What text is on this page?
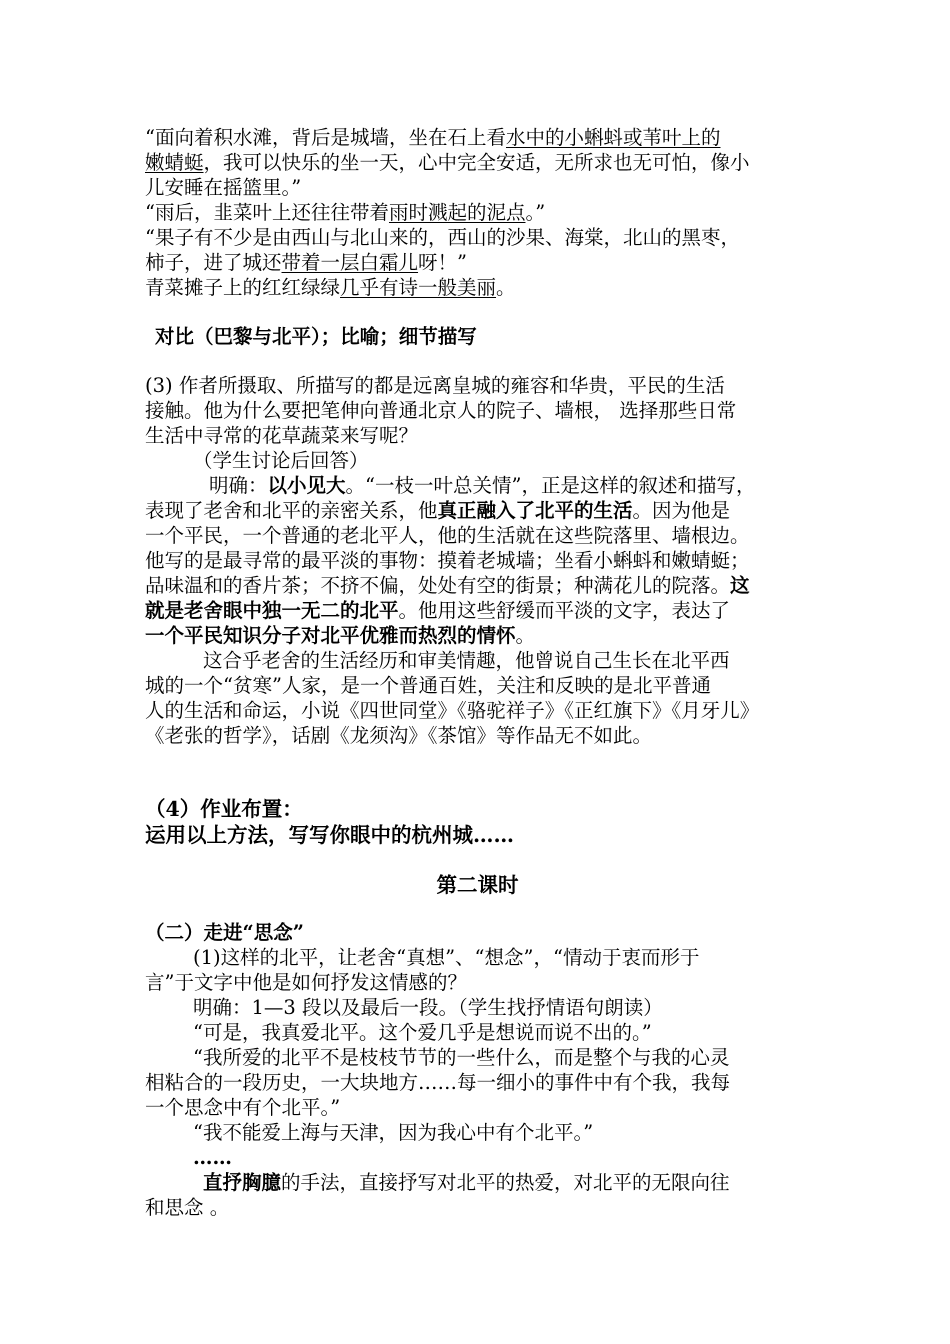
“面向着积水滩，背后是城墙，坐在石上看水中的小蝌蚪或苇叶上的
嫩蜻蜓，我可以快乐的坐一天，心中完全安适，无所求也无可怕，像小
儿安睡在摇篮里。”
“雨后，韭菜叶上还往往带着雨时溅起的泥点。”
“果子有不少是由西山与北山来的，西山的沙果、海棠，北山的黑枣，
柿子，进了城还带着一层白霜儿呀！”
青菜摊子上的红红绿绿几乎有诗一般美丽。
对比（巴黎与北平）；比喻；细节描写
(3) 作者所摄取、所描写的都是远离皇城的雍容和华贵，平民的生活
接触。他为什么要把笔伸向普通北京人的院子、墙根， 选择那些日常
生活中寻常的花草蔬菜来写呢？
（学生讨论后回答）
明确：以小见大。“一枝一叶总关情”，正是这样的叙述和描写，
表现了老舍和北平的亲密关系，他真正融入了北平的生活。因为他是
一个平民，一个普通的老北平人，他的生活就在这些院落里、墙根边。
他写的是最寻常的最平淡的事物：摸着老城墙；坐看小蝌蚪和嫩蜻蜓；
品味温和的香片茶；不挤不偏，处处有空的街景；种满花儿的院落。这
就是老舍眼中独一无二的北平。他用这些舒缓而平淡的文字，表达了
一个平民知识分子对北平优雅而热烈的情怀。
这合乎老舍的生活经历和审美情趣，他曾说自己生长在北平西
城的一个“贫寒”人家，是一个普通百姓，关注和反映的是北平普通
人的生活和命运，小说《四世同堂》《骆驼祥子》《正红旗下》《月牙儿》
《老张的哲学》，话剧《龙须沟》《茶馆》等作品无不如此。
（4）作业布置：
运用以上方法，写写你眼中的杭州城……
第二课时
（二）走进“思念”
(1)这样的北平，让老舍“真想”、“想念”，“情动于衷而形于
言”于文字中他是如何抒发这情感的？
明确：1—3 段以及最后一段。（学生找抒情语句朗读）
“可是，我真爱北平。这个爱几乎是想说而说不出的。”
“我所爱的北平不是枝枝节节的一些什么，而是整个与我的心灵
相粘合的一段历史，一大块地方……每一细小的事件中有个我，我每
一个思念中有个北平。”
“我不能爱上海与天津，因为我心中有个北平。”
……
直抒胸臆的手法，直接抒写对北平的热爱，对北平的无限向往
和思念 。
